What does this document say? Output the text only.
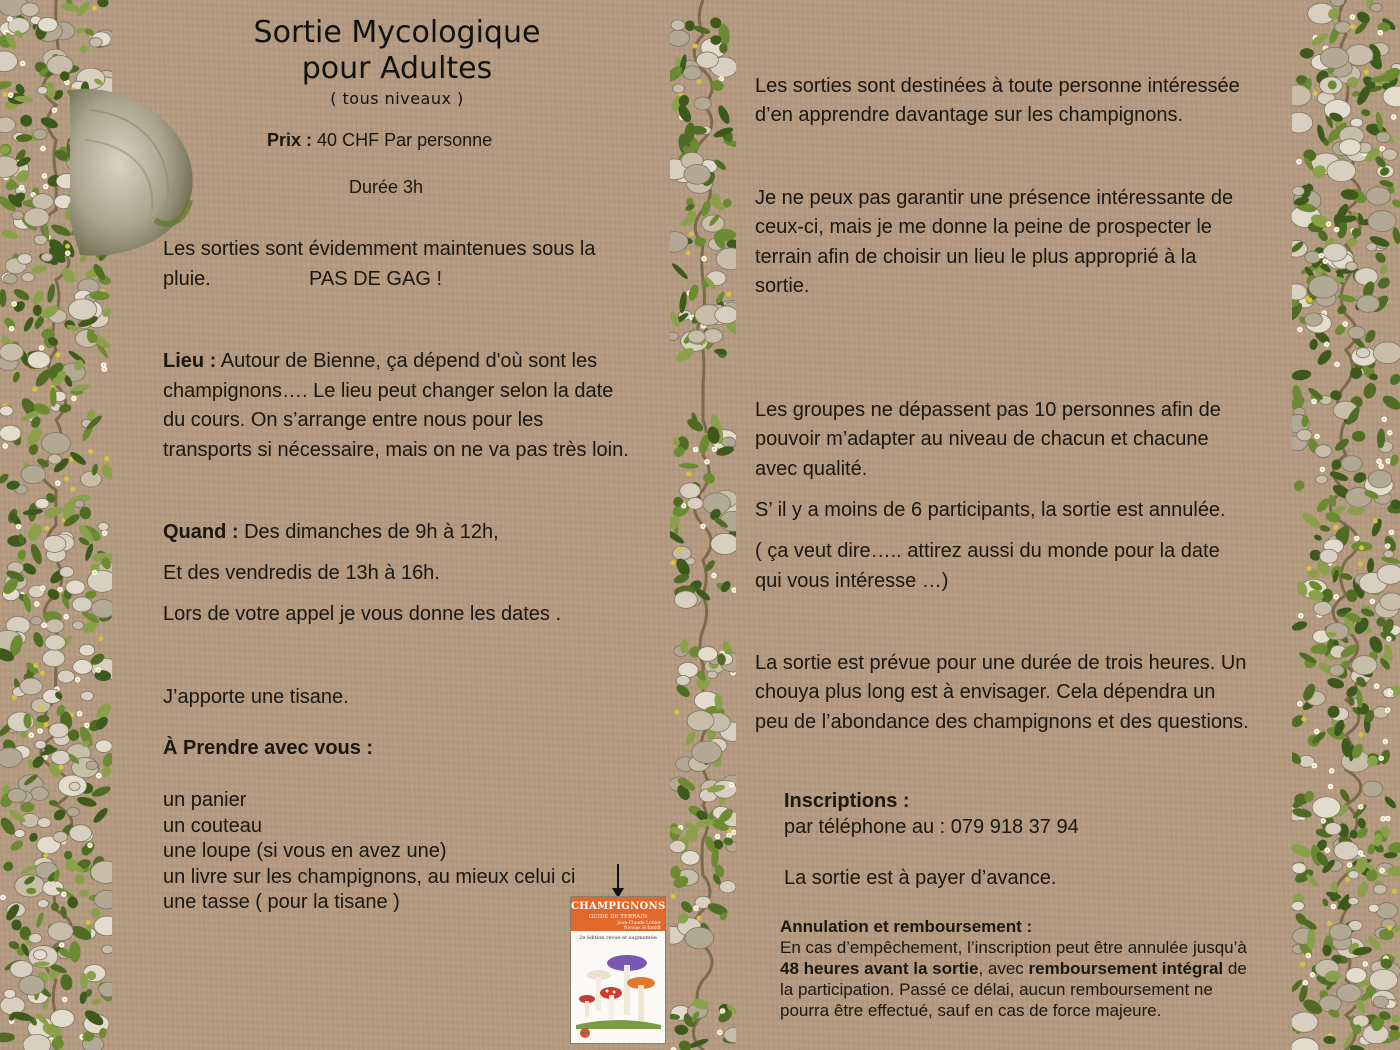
Sortie Mycologique
pour Adultes
( tous niveaux )
Prix : 40 CHF Par personne
Durée 3h
Les sorties sont évidemment maintenues sous la
pluie.	PAS DE GAG !
Lieu : Autour de Bienne, ça dépend d'où sont les
champignons…. Le lieu peut changer selon la date
du cours. On s’arrange entre nous pour les
transports si nécessaire, mais on ne va pas très loin.
Quand : Des dimanches de 9h à 12h,
Et des vendredis de 13h à 16h.
Lors de votre appel je vous donne les dates .
J’apporte une tisane.
À Prendre avec vous :
un panier
un couteau
une loupe (si vous en avez une)
un livre sur les champignons, au mieux celui ci
une tasse ( pour la tisane )	CHAMPIGNONS
GUIDE DE TERRAIN
Jean-Claude Lohier
Nicolas Schmidt
2e édition revue et augmentée
Les sorties sont destinées à toute personne intéressée
d’en apprendre davantage sur les champignons.
Je ne peux pas garantir une présence intéressante de
ceux-ci, mais je me donne la peine de prospecter le
terrain afin de choisir un lieu le plus approprié à la
sortie.
Les groupes ne dépassent pas 10 personnes afin de
pouvoir m’adapter au niveau de chacun et chacune
avec qualité.
S’ il y a moins de 6 participants, la sortie est annulée.
( ça veut dire….. attirez aussi du monde pour la date
qui vous intéresse …)
La sortie est prévue pour une durée de trois heures. Un
chouya plus long est à envisager. Cela dépendra un
peu de l’abondance des champignons et des questions.
Inscriptions :
par téléphone au : 079 918 37 94
La sortie est à payer d’avance.
Annulation et remboursement :
En cas d’empêchement, l’inscription peut être annulée jusqu’à
48 heures avant la sortie, avec remboursement intégral de
la participation. Passé ce délai, aucun remboursement ne
pourra être effectué, sauf en cas de force majeure.
